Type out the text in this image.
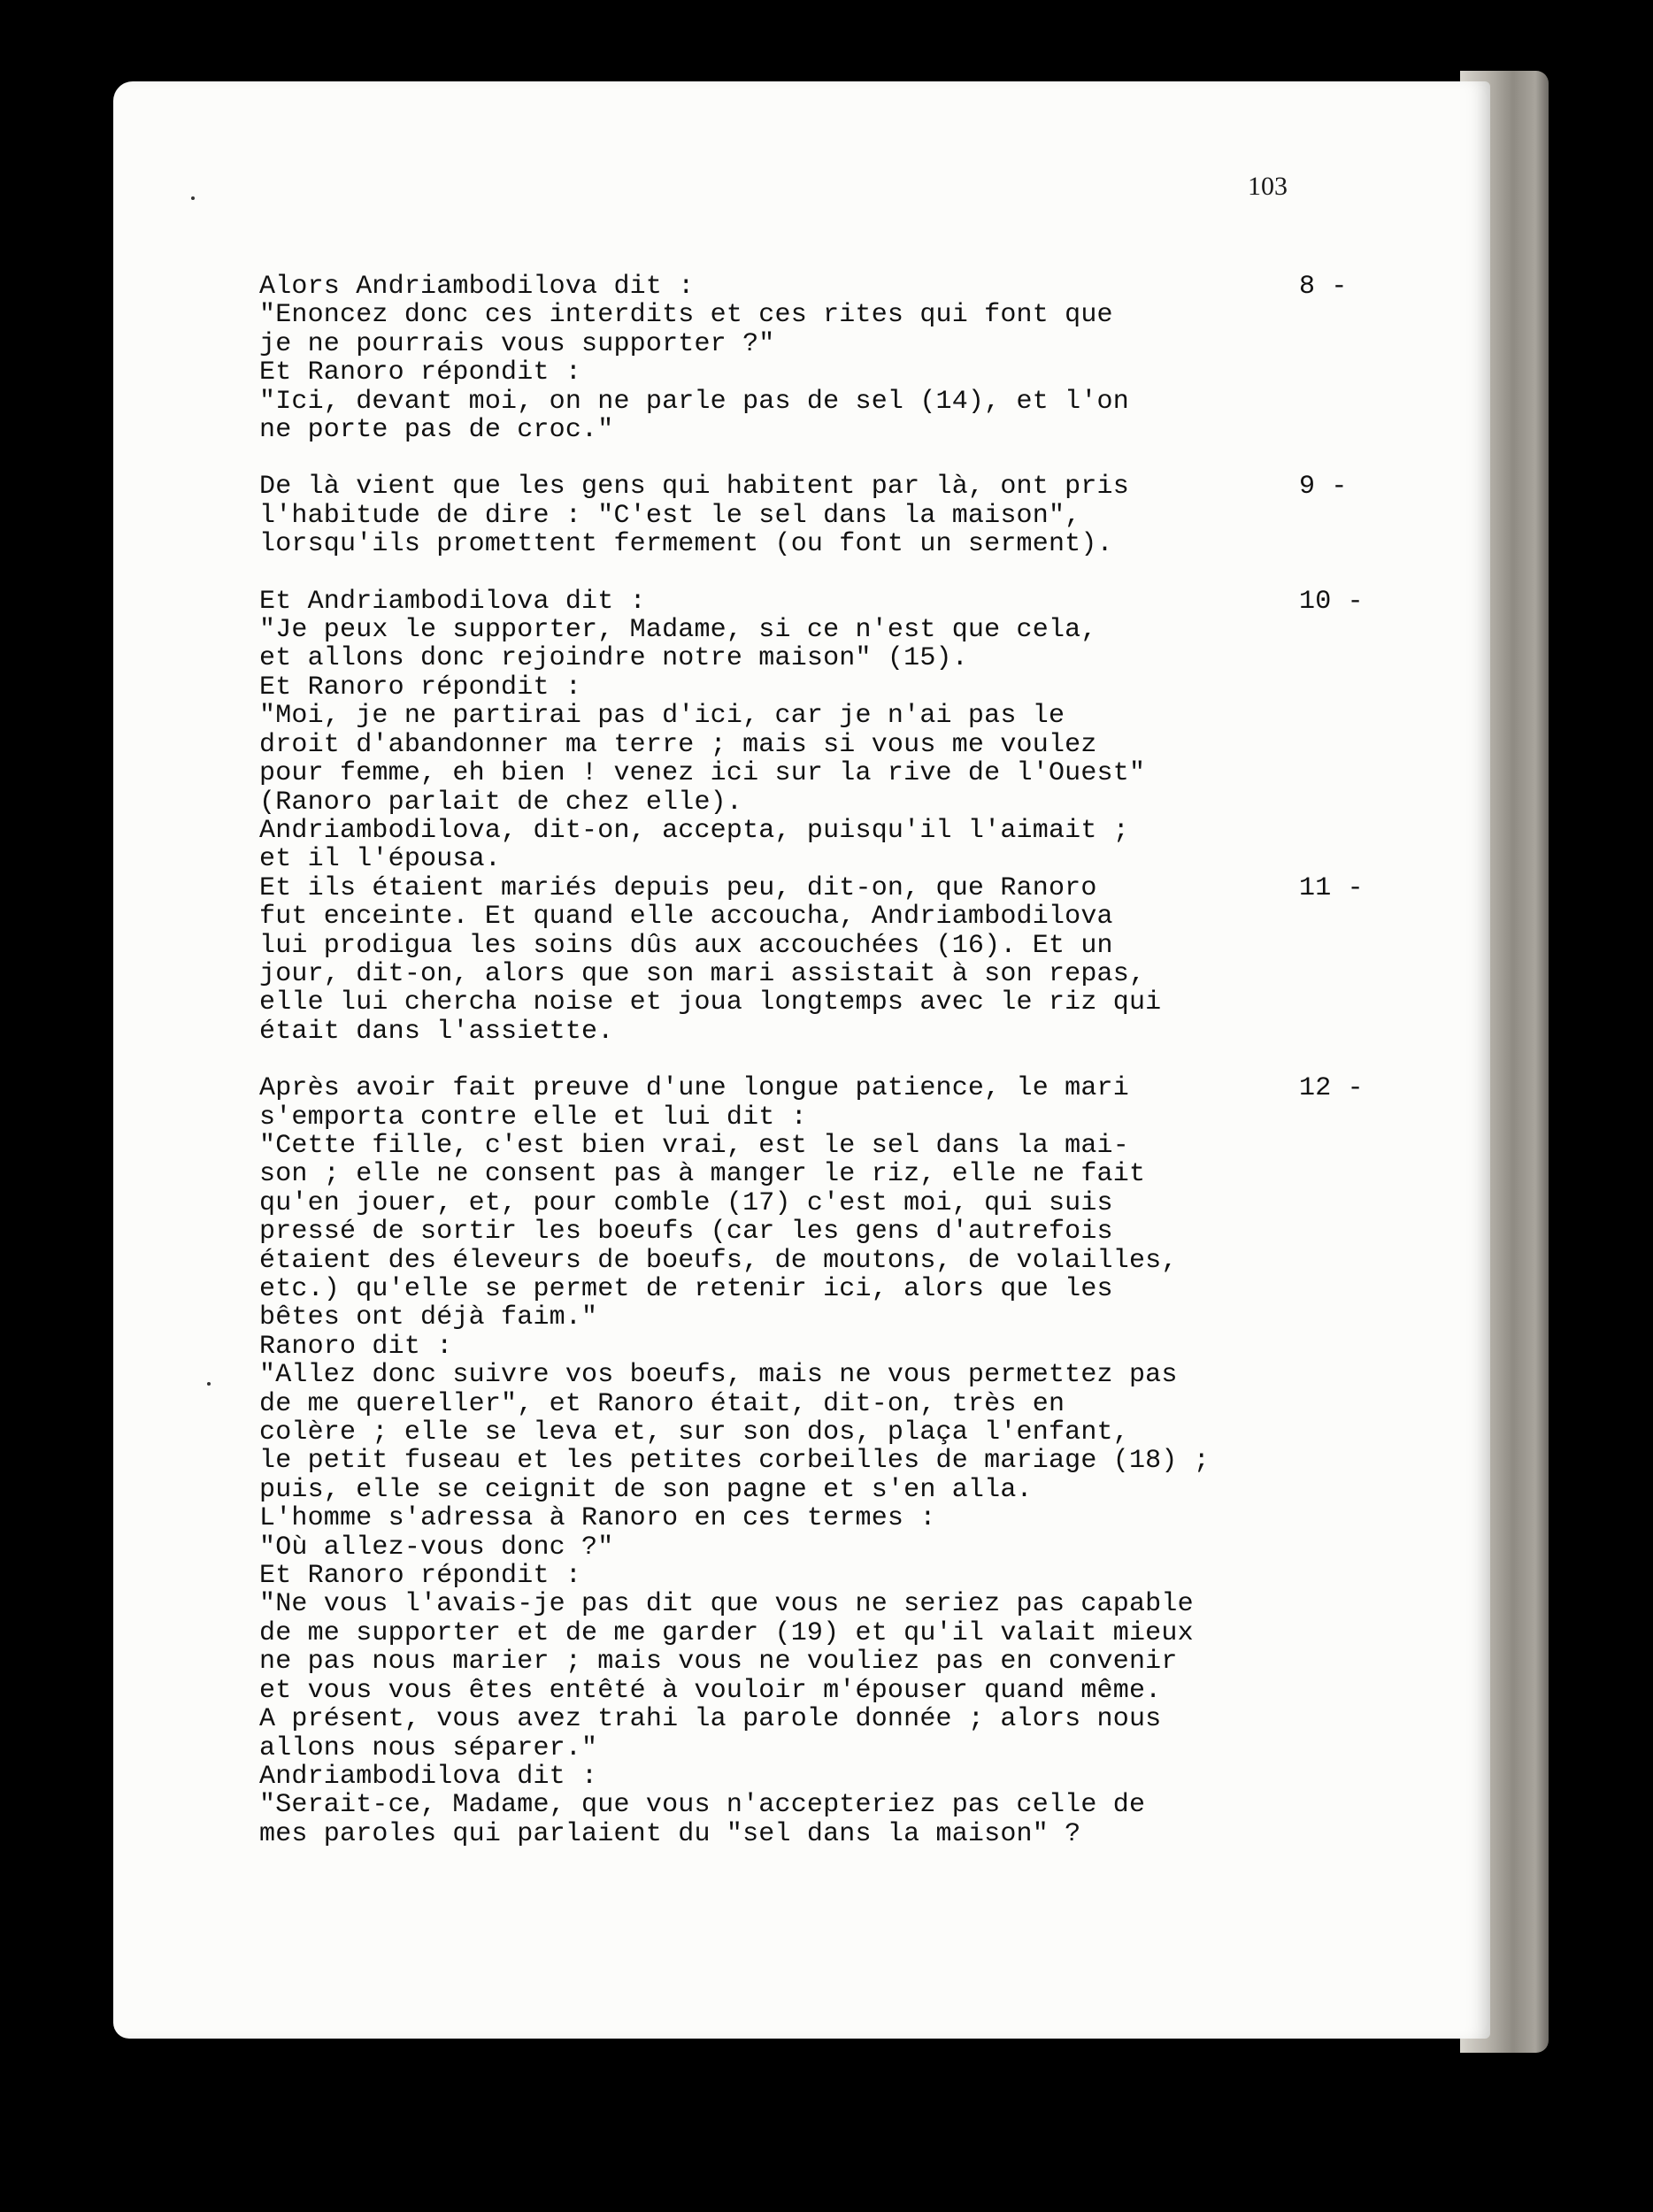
103
8 -
Alors Andriambodilova dit :
"Enoncez donc ces interdits et ces rites qui font que
je ne pourrais vous supporter ?"
Et Ranoro répondit :
"Ici, devant moi, on ne parle pas de sel (14), et l'on
ne porte pas de croc."
9 -
De là vient que les gens qui habitent par là, ont pris
l'habitude de dire : "C'est le sel dans la maison",
lorsqu'ils promettent fermement (ou font un serment).
10 -
Et Andriambodilova dit :
"Je peux le supporter, Madame, si ce n'est que cela,
et allons donc rejoindre notre maison" (15).
Et Ranoro répondit :
"Moi, je ne partirai pas d'ici, car je n'ai pas le
droit d'abandonner ma terre ; mais si vous me voulez
pour femme, eh bien ! venez ici sur la rive de l'Ouest"
(Ranoro parlait de chez elle).
Andriambodilova, dit-on, accepta, puisqu'il l'aimait ;
et il l'épousa.
11 -
Et ils étaient mariés depuis peu, dit-on, que Ranoro
fut enceinte. Et quand elle accoucha, Andriambodilova
lui prodigua les soins dûs aux accouchées (16). Et un
jour, dit-on, alors que son mari assistait à son repas,
elle lui chercha noise et joua longtemps avec le riz qui
était dans l'assiette.
12 -
Après avoir fait preuve d'une longue patience, le mari
s'emporta contre elle et lui dit :
"Cette fille, c'est bien vrai, est le sel dans la mai-
son ; elle ne consent pas à manger le riz, elle ne fait
qu'en jouer, et, pour comble (17) c'est moi, qui suis
pressé de sortir les boeufs (car les gens d'autrefois
étaient des éleveurs de boeufs, de moutons, de volailles,
etc.) qu'elle se permet de retenir ici, alors que les
bêtes ont déjà faim."
Ranoro dit :
"Allez donc suivre vos boeufs, mais ne vous permettez pas
de me quereller", et Ranoro était, dit-on, très en
colère ; elle se leva et, sur son dos, plaça l'enfant,
le petit fuseau et les petites corbeilles de mariage (18) ;
puis, elle se ceignit de son pagne et s'en alla.
L'homme s'adressa à Ranoro en ces termes :
"Où allez-vous donc ?"
Et Ranoro répondit :
"Ne vous l'avais-je pas dit que vous ne seriez pas capable
de me supporter et de me garder (19) et qu'il valait mieux
ne pas nous marier ; mais vous ne vouliez pas en convenir
et vous vous êtes entêté à vouloir m'épouser quand même.
A présent, vous avez trahi la parole donnée ; alors nous
allons nous séparer."
Andriambodilova dit :
"Serait-ce, Madame, que vous n'accepteriez pas celle de
mes paroles qui parlaient du "sel dans la maison" ?
